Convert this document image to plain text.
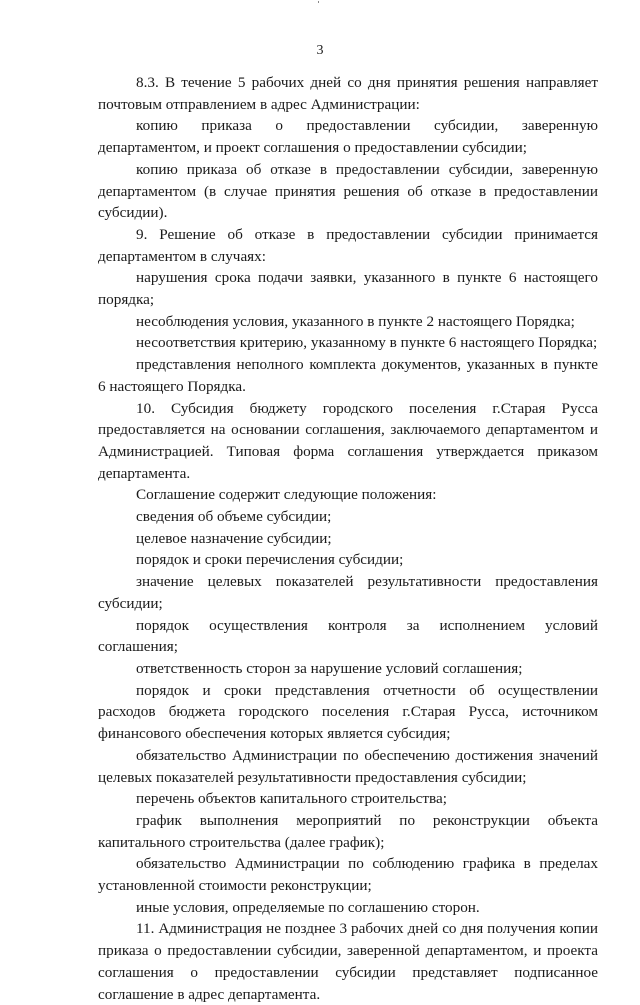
3

8.3. В течение 5 рабочих дней со дня принятия решения направляет почтовым отправлением в адрес Администрации:

копию приказа о предоставлении субсидии, заверенную департаментом, и проект соглашения о предоставлении субсидии;

копию приказа об отказе в предоставлении субсидии, заверенную департаментом (в случае принятия решения об отказе в предоставлении субсидии).

9. Решение об отказе в предоставлении субсидии принимается департаментом в случаях:

нарушения срока подачи заявки, указанного в пункте 6 настоящего порядка;

несоблюдения условия, указанного в пункте 2 настоящего Порядка;

несоответствия критерию, указанному в пункте 6 настоящего Порядка;

представления неполного комплекта документов, указанных в пункте 6 настоящего Порядка.

10. Субсидия бюджету городского поселения г.Старая Русса предоставляется на основании соглашения, заключаемого департаментом и Администрацией. Типовая форма соглашения утверждается приказом департамента.

Соглашение содержит следующие положения:

сведения об объеме субсидии;

целевое назначение субсидии;

порядок и сроки перечисления субсидии;

значение целевых показателей результативности предоставления субсидии;

порядок осуществления контроля за исполнением условий соглашения;

ответственность сторон за нарушение условий соглашения;

порядок и сроки представления отчетности об осуществлении расходов бюджета городского поселения г.Старая Русса, источником финансового обеспечения которых является субсидия;

обязательство Администрации по обеспечению достижения значений целевых показателей результативности предоставления субсидии;

перечень объектов капитального строительства;

график выполнения мероприятий по реконструкции объекта капитального строительства (далее график);

обязательство Администрации по соблюдению графика в пределах установленной стоимости реконструкции;

иные условия, определяемые по соглашению сторон.

11. Администрация не позднее 3 рабочих дней со дня получения копии приказа о предоставлении субсидии, заверенной департаментом, и проекта соглашения о предоставлении субсидии представляет подписанное соглашение в адрес департамента.
